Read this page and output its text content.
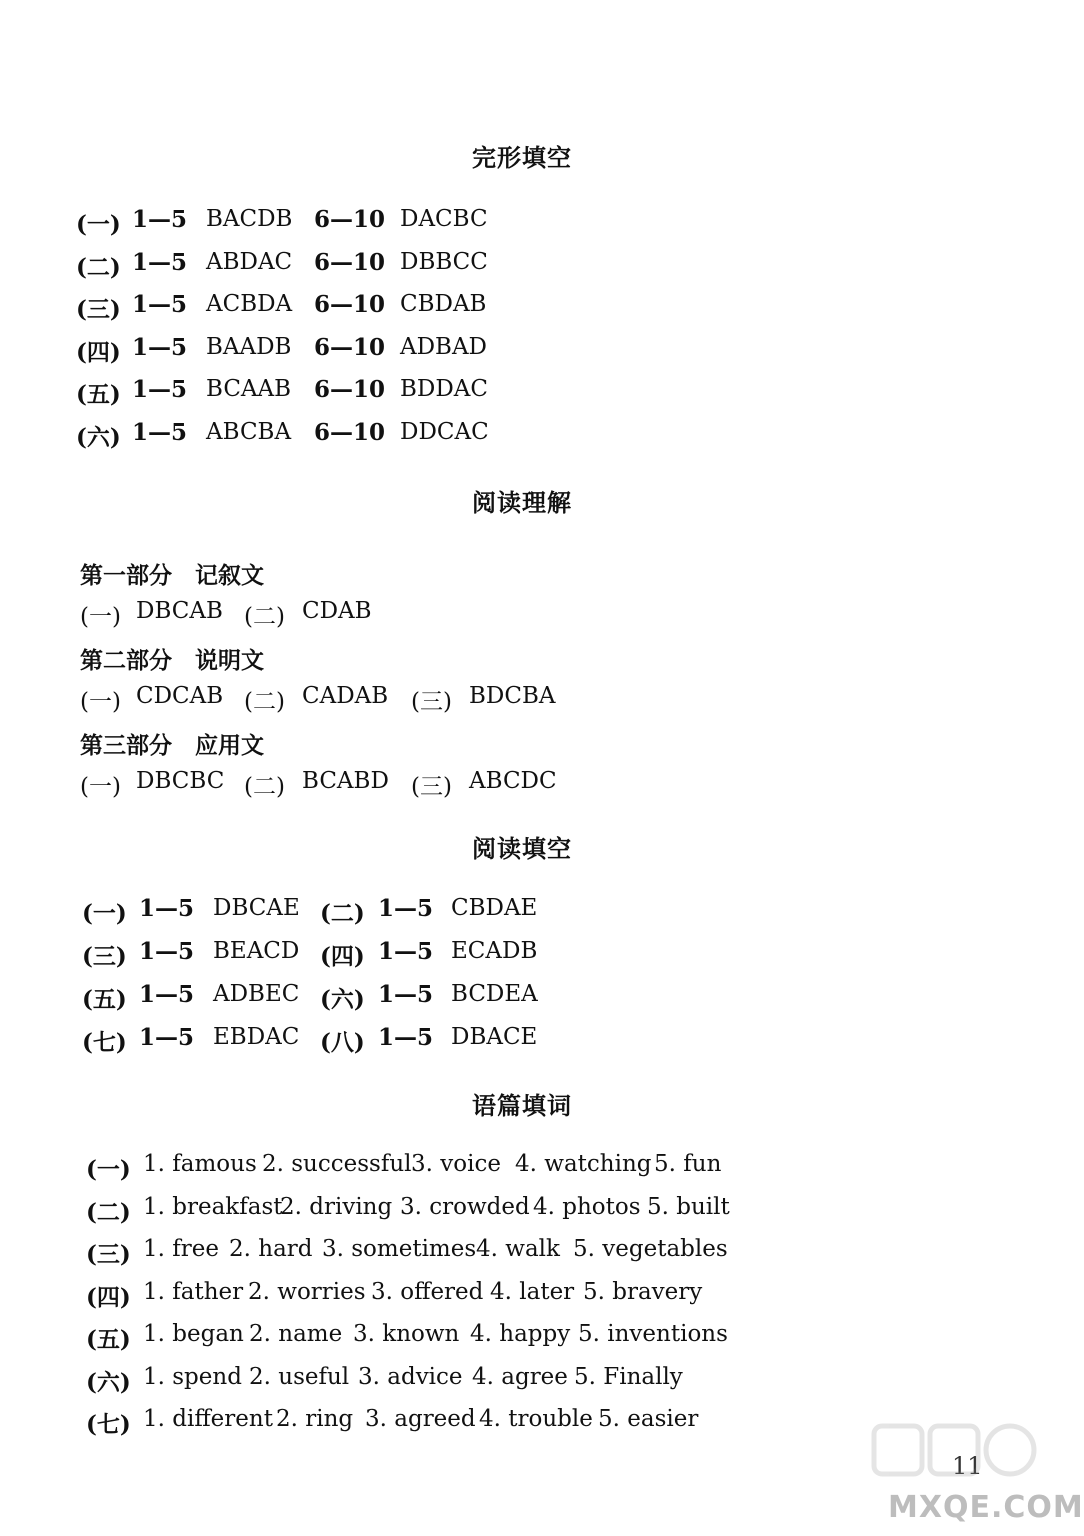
完形填空
(一) 1—5 BACDB 6—10 DACBC
(二) 1—5 ABDAC 6—10 DBBCC
(三) 1—5 ACBDA 6—10 CBDAB
(四) 1—5 BAADB 6—10 ADBAD
(五) 1—5 BCAAB 6—10 BDDAC
(六) 1—5 ABCBA 6—10 DDCAC
阅读理解
第一部分　记叙文
(一) DBCAB (二) CDAB
第二部分　说明文
(一) CDCAB (二) CADAB (三) BDCBA
第三部分　应用文
(一) DBCBC (二) BCABD (三) ABCDC
阅读填空
(一) 1—5 DBCAE (二) 1—5 CBDAE
(三) 1—5 BEACD (四) 1—5 ECADB
(五) 1—5 ADBEC (六) 1—5 BCDEA
(七) 1—5 EBDAC (八) 1—5 DBACE
语篇填词
(一) 1. famous 2. successful 3. voice 4. watching 5. fun
(二) 1. breakfast
2. driving 3. crowded 4. photos 5. built
(三) 1. free 2. hard 3. sometimes 4. walk 5. vegetables
(四) 1. father 2. worries 3. offered 4. later 5. bravery
(五) 1. began 2. name 3. known 4. happy 5. inventions
(六) 1. spend 2. useful 3. advice 4. agree 5. Finally
(七) 1. different 2. ring 3. agreed 4. trouble 5. easier
11
MXQE.COM
